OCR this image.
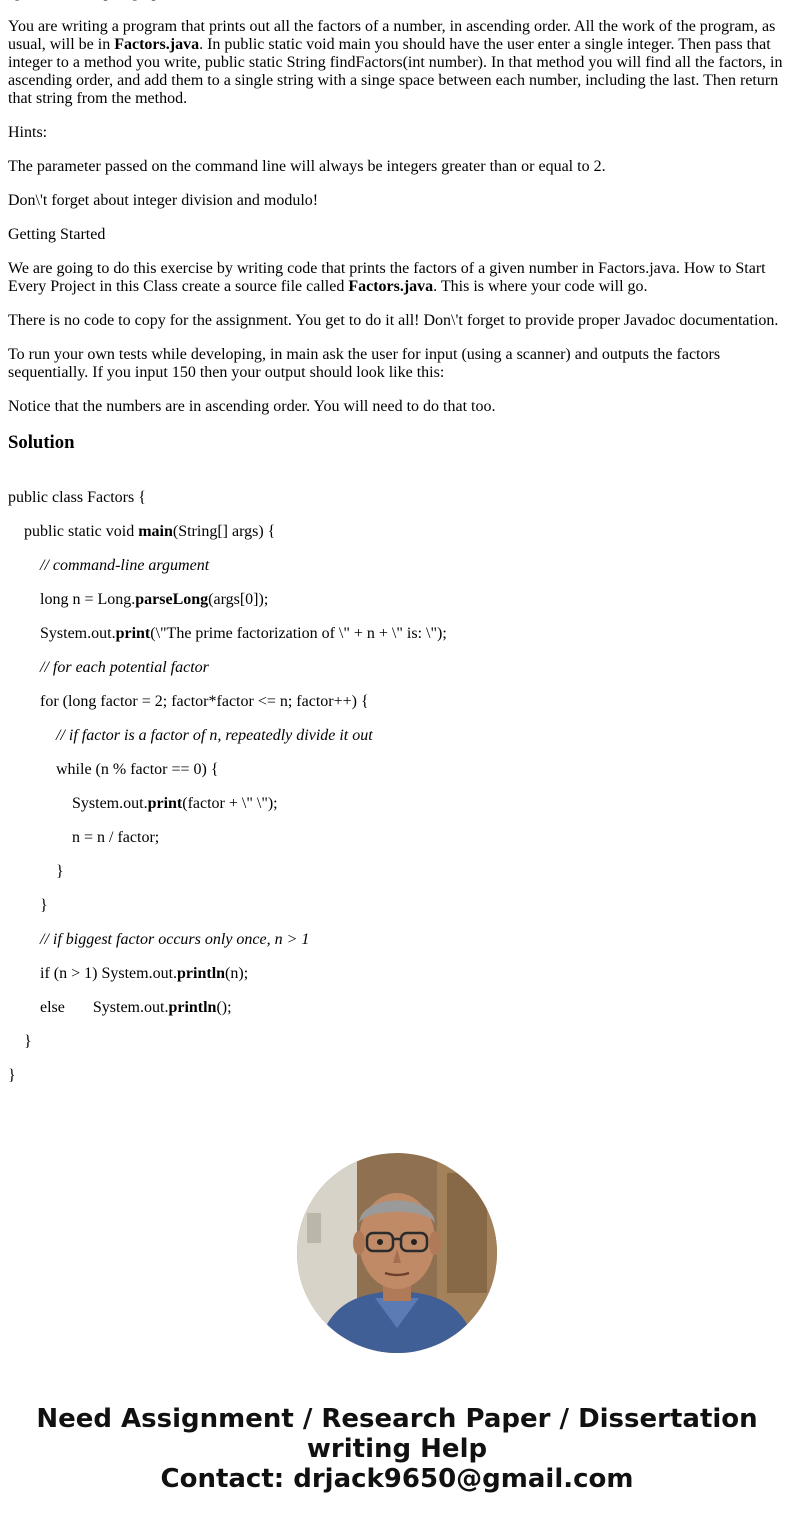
You are writing a program that prints out all the factors of a number, in ascending order. All the work of the program, as usual, will be in Factors.java. In public static void main you should have the user enter a single integer. Then pass that integer to a method you write, public static String findFactors(int number). In that method you will find all the factors, in ascending order, and add them to a single string with a singe space between each number, including the last. Then return that string from the method.

Hints:

The parameter passed on the command line will always be integers greater than or equal to 2.

Don\'t forget about integer division and modulo!

Getting Started

We are going to do this exercise by writing code that prints the factors of a given number in Factors.java. How to Start Every Project in this Class create a source file called Factors.java. This is where your code will go.

There is no code to copy for the assignment. You get to do it all! Don\'t forget to provide proper Javadoc documentation.

To run your own tests while developing, in main ask the user for input (using a scanner) and outputs the factors sequentially. If you input 150 then your output should look like this:

Notice that the numbers are in ascending order. You will need to do that too.

Solution
public class Factors {
public static void main(String[] args) {
// command-line argument
long n = Long.parseLong(args[0]);
System.out.print(\"The prime factorization of \" + n + \" is: \");
// for each potential factor
for (long factor = 2; factor*factor <= n; factor++) {
// if factor is a factor of n, repeatedly divide it out
while (n % factor == 0) {
System.out.print(factor + \" \");
n = n / factor;
}
}
// if biggest factor occurs only once, n > 1
if (n > 1) System.out.println(n);
else       System.out.println();
}
}
Need Assignment / Research Paper / Dissertation
writing Help
Contact: drjack9650@gmail.com
